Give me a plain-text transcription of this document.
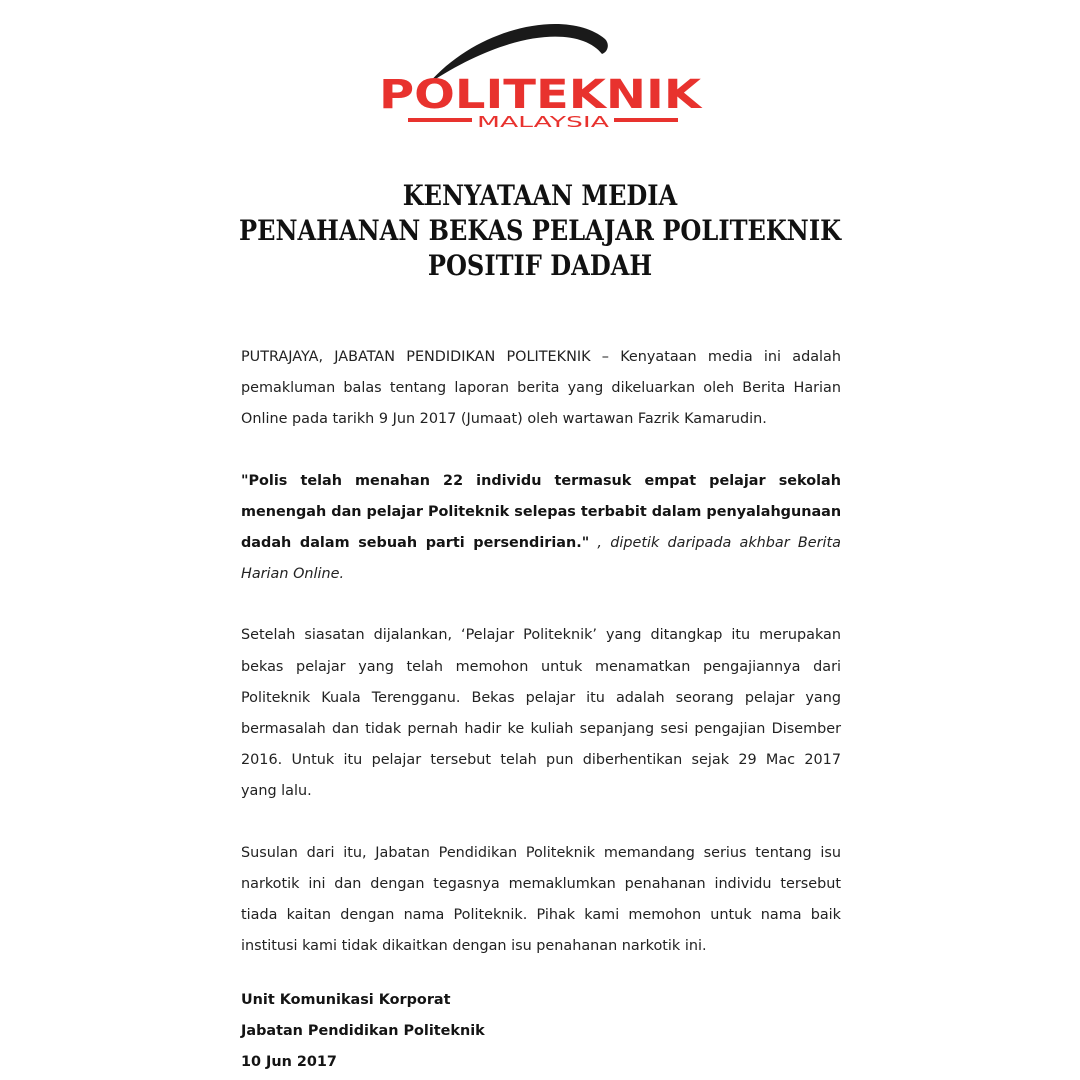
POLITEKNIK
MALAYSIA
KENYATAAN MEDIA
PENAHANAN BEKAS PELAJAR POLITEKNIK
POSITIF DADAH
PUTRAJAYA, JABATAN PENDIDIKAN POLITEKNIK – Kenyataan media ini adalah
pemakluman balas tentang laporan berita yang dikeluarkan oleh Berita Harian
Online pada tarikh 9 Jun 2017 (Jumaat) oleh wartawan Fazrik Kamarudin.
"Polis telah menahan 22 individu termasuk empat pelajar sekolah
menengah dan pelajar Politeknik selepas terbabit dalam penyalahgunaan
dadah dalam sebuah parti persendirian." , dipetik daripada akhbar Berita
Harian Online.
Setelah siasatan dijalankan, ‘Pelajar Politeknik’ yang ditangkap itu merupakan
bekas pelajar yang telah memohon untuk menamatkan pengajiannya dari
Politeknik Kuala Terengganu. Bekas pelajar itu adalah seorang pelajar yang
bermasalah dan tidak pernah hadir ke kuliah sepanjang sesi pengajian Disember
2016. Untuk itu pelajar tersebut telah pun diberhentikan sejak 29 Mac 2017
yang lalu.
Susulan dari itu, Jabatan Pendidikan Politeknik memandang serius tentang isu
narkotik ini dan dengan tegasnya memaklumkan penahanan individu tersebut
tiada kaitan dengan nama Politeknik. Pihak kami memohon untuk nama baik
institusi kami tidak dikaitkan dengan isu penahanan narkotik ini.
Unit Komunikasi Korporat
Jabatan Pendidikan Politeknik
10 Jun 2017
